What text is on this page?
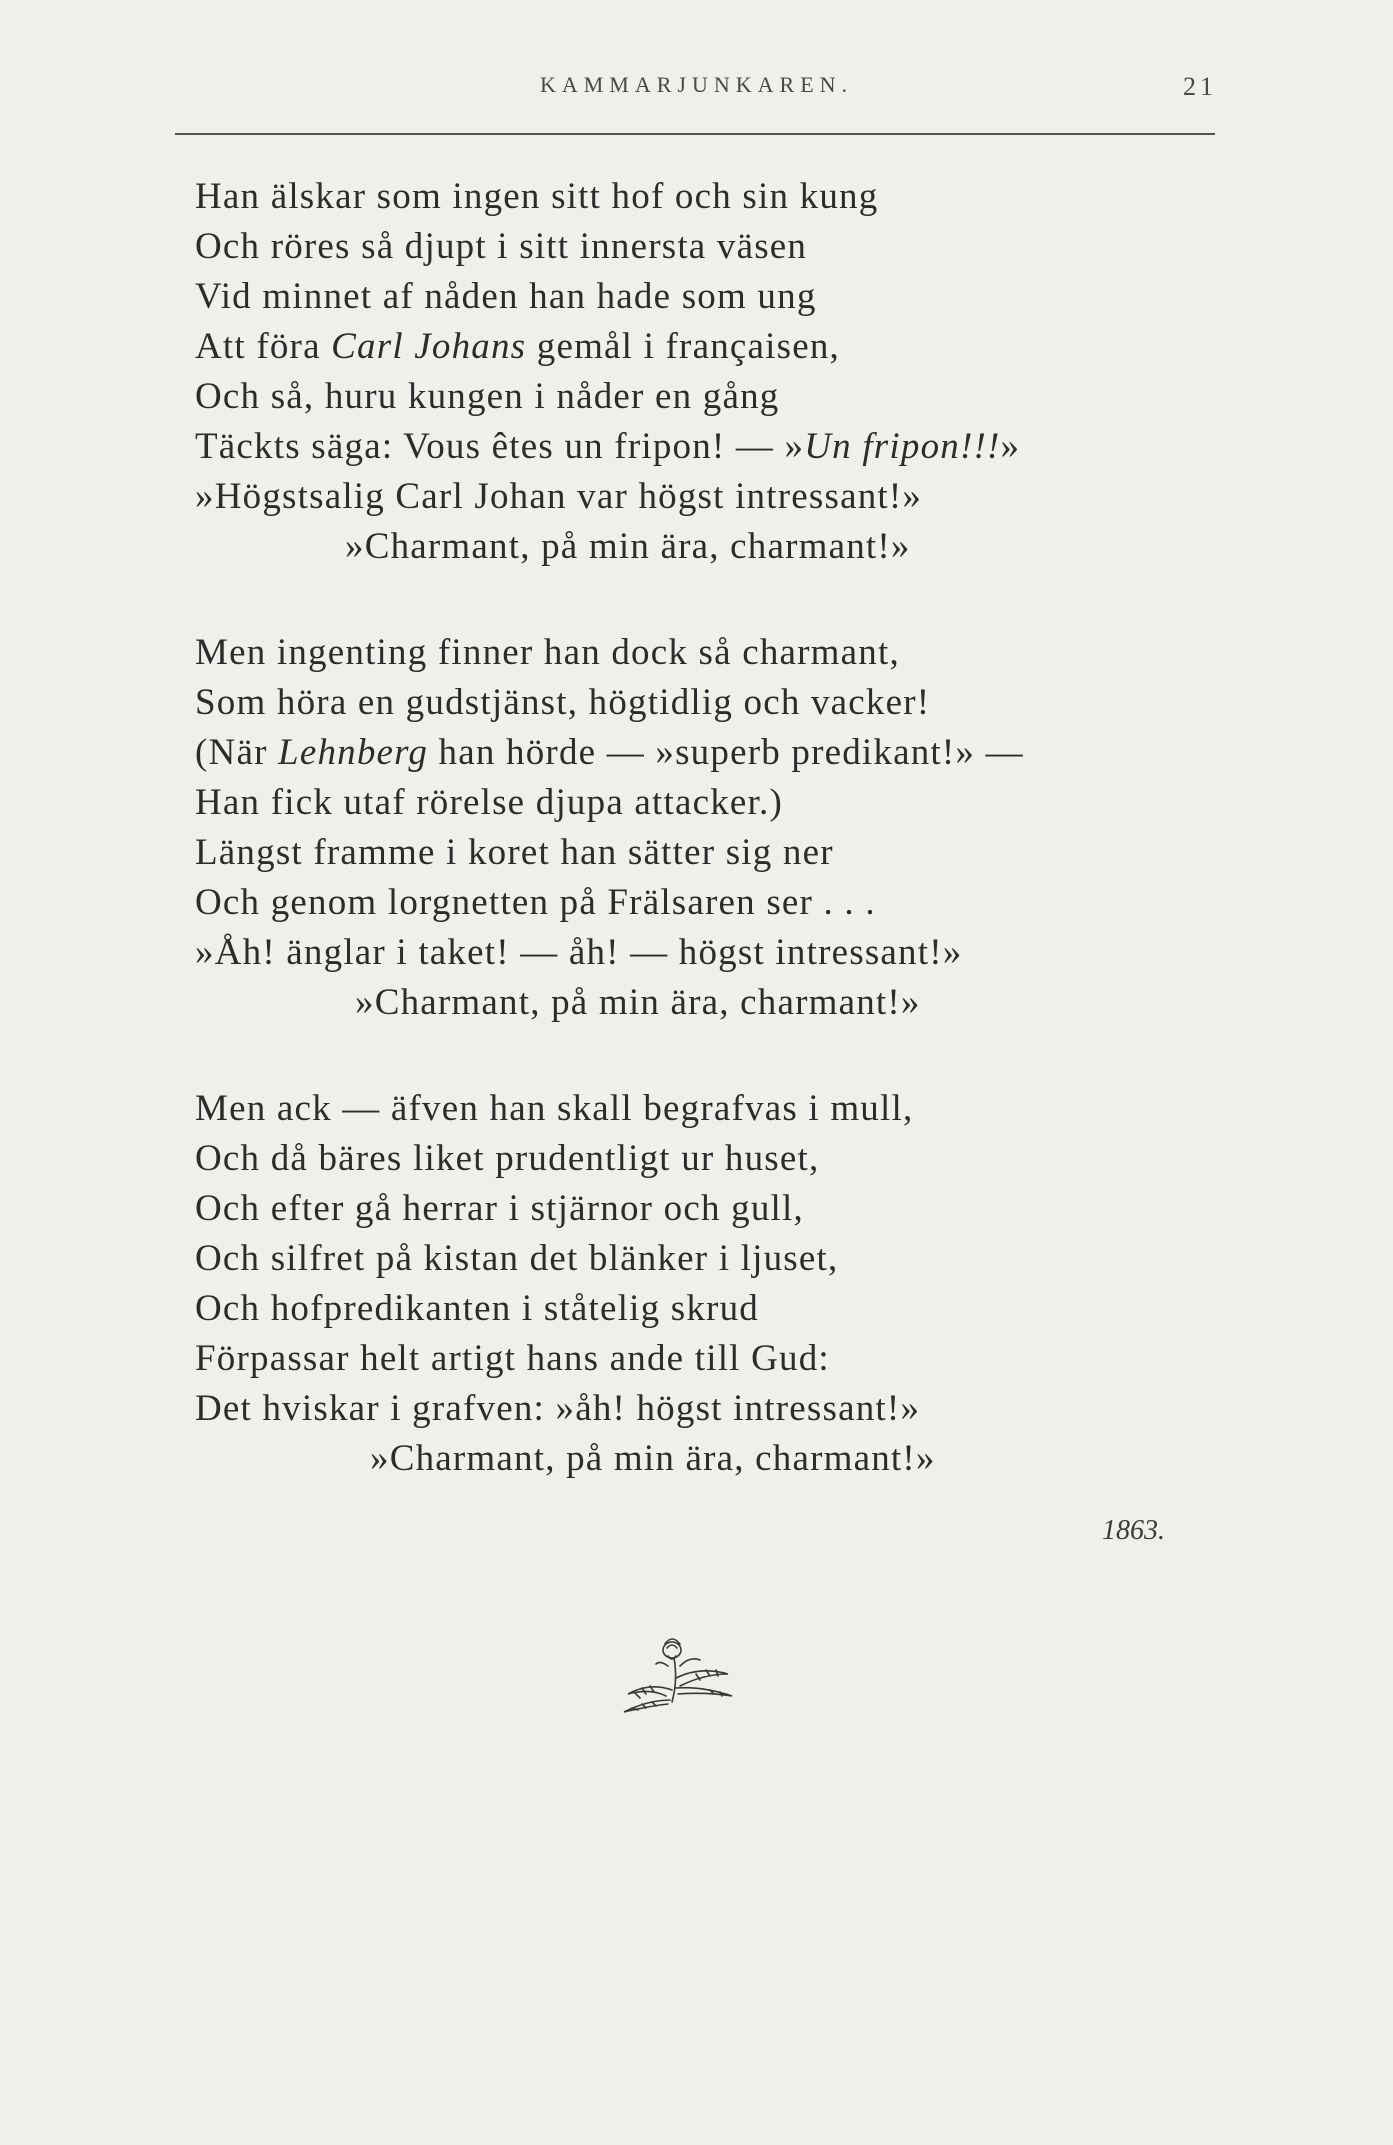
KAMMARJUNKAREN.	21
Han älskar som ingen sitt hof och sin kung
Och röres så djupt i sitt innersta väsen
Vid minnet af nåden han hade som ung
Att föra Carl Johans gemål i françaisen,
Och så, huru kungen i nåder en gång
Täckts säga: Vous êtes un fripon! — »Un fripon!!!»
»Högstsalig Carl Johan var högst intressant!»
»Charmant, på min ära, charmant!»
Men ingenting finner han dock så charmant,
Som höra en gudstjänst, högtidlig och vacker!
(När Lehnberg han hörde — »superb predikant!» —
Han fick utaf rörelse djupa attacker.)
Längst framme i koret han sätter sig ner
Och genom lorgnetten på Frälsaren ser . . .
»Åh! änglar i taket! — åh! — högst intressant!»
»Charmant, på min ära, charmant!»
Men ack — äfven han skall begrafvas i mull,
Och då bäres liket prudentligt ur huset,
Och efter gå herrar i stjärnor och gull,
Och silfret på kistan det blänker i ljuset,
Och hofpredikanten i ståtelig skrud
Förpassar helt artigt hans ande till Gud:
Det hviskar i grafven: »åh! högst intressant!»
»Charmant, på min ära, charmant!»
1863.
